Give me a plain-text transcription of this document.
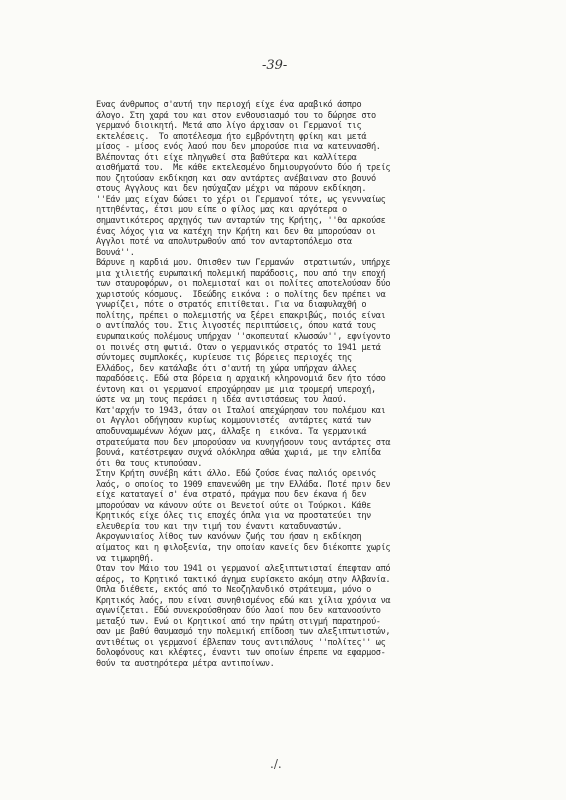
-39-
Ενας άνθρωπος σ'αυτή την περιοχή είχε ένα αραβικό άσπρο
άλογο. Στη χαρά του και στον ενθουσιασμό του το δώρησε στο
γερμανό διοικητή. Μετά απο λίγο άρχισαν οι Γερμανοί τις
εκτελέσεις.  Το αποτέλεσμα ήτο εμβρόντητη φρίκη και μετά
μίσος - μίσος ενός λαού που δεν μπορούσε πια να κατευνασθή.
Βλέποντας ότι είχε πληγωθεί στα βαθύτερα και καλλίτερα
αισθήματά του.  Με κάθε εκτελεσμένο δημιουργούντο δύο ή τρείς
που ζητούσαν εκδίκηση και σαν αντάρτες ανέβαιναν στο βουνό
στους Αγγλους και δεν ησύχαζαν μέχρι να πάρουν εκδίκηση.
''Εάν μας είχαν δώσει το χέρι οι Γερμανοί τότε, ως γεννναίως
ηττηθέντας, έτσι μου είπε ο φίλος μας και αργότερα ο
σημαντικότερος αρχηγός των ανταρτών της Κρήτης, ''θα αρκούσε
ένας λόχος για να κατέχη την Κρήτη και δεν θα μπορούσαν οι
Αγγλοι ποτέ να απολυτρωθούν από τον ανταρτοπόλεμο στα
Βουνά''.
Βάρυνε η καρδιά μου. Οπισθεν των Γερμανών  στρατιωτών, υπήρχε
μια χιλιετής ευρωπαική πολεμική παράδοσις, που από την εποχή
των σταυροφόρων, οι πολεμισταί και οι πολίτες αποτελούσαν δύο
χωριστούς κόσμους.  Ιδεώδης εικόνα : ο πολίτης δεν πρέπει να
γνωρίζει, πότε ο στρατός επιτίθεται. Για να διαφυλαχθή ο
πολίτης, πρέπει ο πολεμιστής να ξέρει επακριβώς, ποιός είναι
ο αντίπαλός του. Στις λιγοστές περιπτώσεις, όπου κατά τους
ευρωπαικούς πολέμους υπήρχαν ''σκοπευταί κλωσσών'', εφνίγοντο
οι ποινές στη φωτιά. Οταν ο γερμανικός στρατός το 1941 μετά
σύντομες συμπλοκές, κυρίευσε τις βόρειες περιοχές της
Ελλάδος, δεν κατάλαβε ότι σ'αυτή τη χώρα υπήρχαν άλλες
παραδόσεις. Εδώ στα βόρεια η αρχαική κληρονομιά δεν ήτο τόσο
έντονη και οι γερμανοί επροχώρησαν με μια τρομερή υπεροχή,
ώστε να μη τους περάσει η ιδέα αντιστάσεως του λαού.
Κατ'αρχήν το 1943, όταν οι Ιταλοί απεχώρησαν του πολέμου και
οι Αγγλοι οδήγησαν κυρίως κομμουνιστές  αντάρτες κατά των
αποδυναμωμένων λόχων μας, άλλαξε η  εικόνα. Τα γερμανικά
στρατεύματα που δεν μπορούσαν να κυνηγήσουν τους αντάρτες στα
βουνά, κατέστρεψαν συχνά ολόκληρα αθώα χωριά, με την ελπίδα
ότι θα τους κτυπούσαν.
Στην Κρήτη συνέβη κάτι άλλο. Εδώ ζούσε ένας παλιός ορεινός
λαός, ο οποίος το 1909 επανενώθη με την Ελλάδα. Ποτέ πριν δεν
είχε καταταγεί σ' ένα στρατό, πράγμα που δεν έκανα ή δεν
μπορούσαν να κάνουν ούτε οι Βενετοί ούτε οι Τούρκοι. Κάθε
Κρητικός είχε όλες τις εποχές όπλα για να προστατεύει την
ελευθερία του και την τιμή του έναντι καταδυναστών.
Ακρογωνιαίος λίθος των κανόνων ζωής του ήσαν η εκδίκηση
αίματος και η φιλοξενία, την οποίαν κανείς δεν διέκοπτε χωρίς
να τιμωρηθή.
Οταν τον Μάιο του 1941 οι γερμανοί αλεξιπτωτισταί έπεφταν από
αέρος, το Κρητικό τακτικό άγημα ευρίσκετο ακόμη στην Αλβανία.
Οπλα διέθετε, εκτός από το Νεοζηλανδικό στράτευμα, μόνο ο
Κρητικός λαός, που είναι συνηθισμένος εδώ και χίλια χρόνια να
αγωνίζεται. Εδώ συνεκρούσθησαν δύο λαοί που δεν κατανοούντο
μεταξύ των. Ενώ οι Κρητικοί από την πρώτη στιγμή παρατηρού-
σαν με βαθύ θαυμασμό την πολεμική επίδοση των αλεξιπτωτιστών,
αντιθέτως οι γερμανοί έβλεπαν τους αντιπάλους ''πολίτες'' ως
δολοφόνους και κλέφτες, έναντι των οποίων έπρεπε να εφαρμοσ-
θούν τα αυστηρότερα μέτρα αντιποίνων.
./.
